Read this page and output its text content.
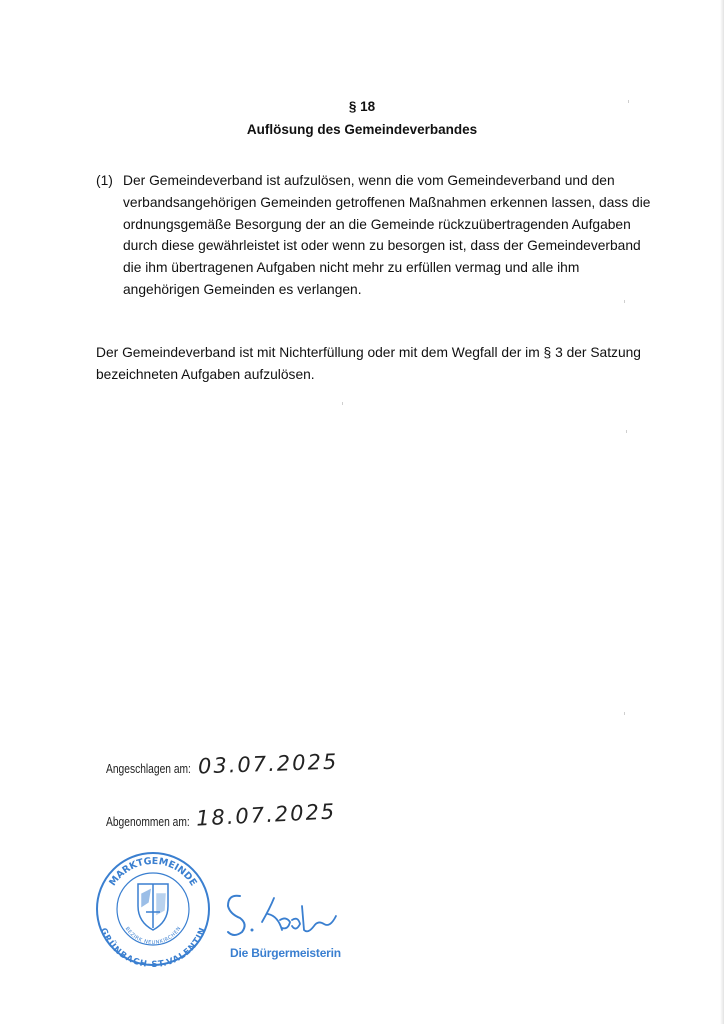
§ 18
Auflösung des Gemeindeverbandes
(1) Der Gemeindeverband ist aufzulösen, wenn die vom Gemeindeverband und den
verbandsangehörigen Gemeinden getroffenen Maßnahmen erkennen lassen, dass die
ordnungsgemäße Besorgung der an die Gemeinde rückzuübertragenden Aufgaben
durch diese gewährleistet ist oder wenn zu besorgen ist, dass der Gemeindeverband
die ihm übertragenen Aufgaben nicht mehr zu erfüllen vermag und alle ihm
angehörigen Gemeinden es verlangen.
Der Gemeindeverband ist mit Nichterfüllung oder mit dem Wegfall der im § 3 der Satzung
bezeichneten Aufgaben aufzulösen.
Angeschlagen am: 03.07.2025
Abgenommen am: 18.07.2025
MARKTGEMEINDE
GRÜNBACH-ST.VALENTIN
BEZIRK NEUNKIRCHEN
Die Bürgermeisterin
